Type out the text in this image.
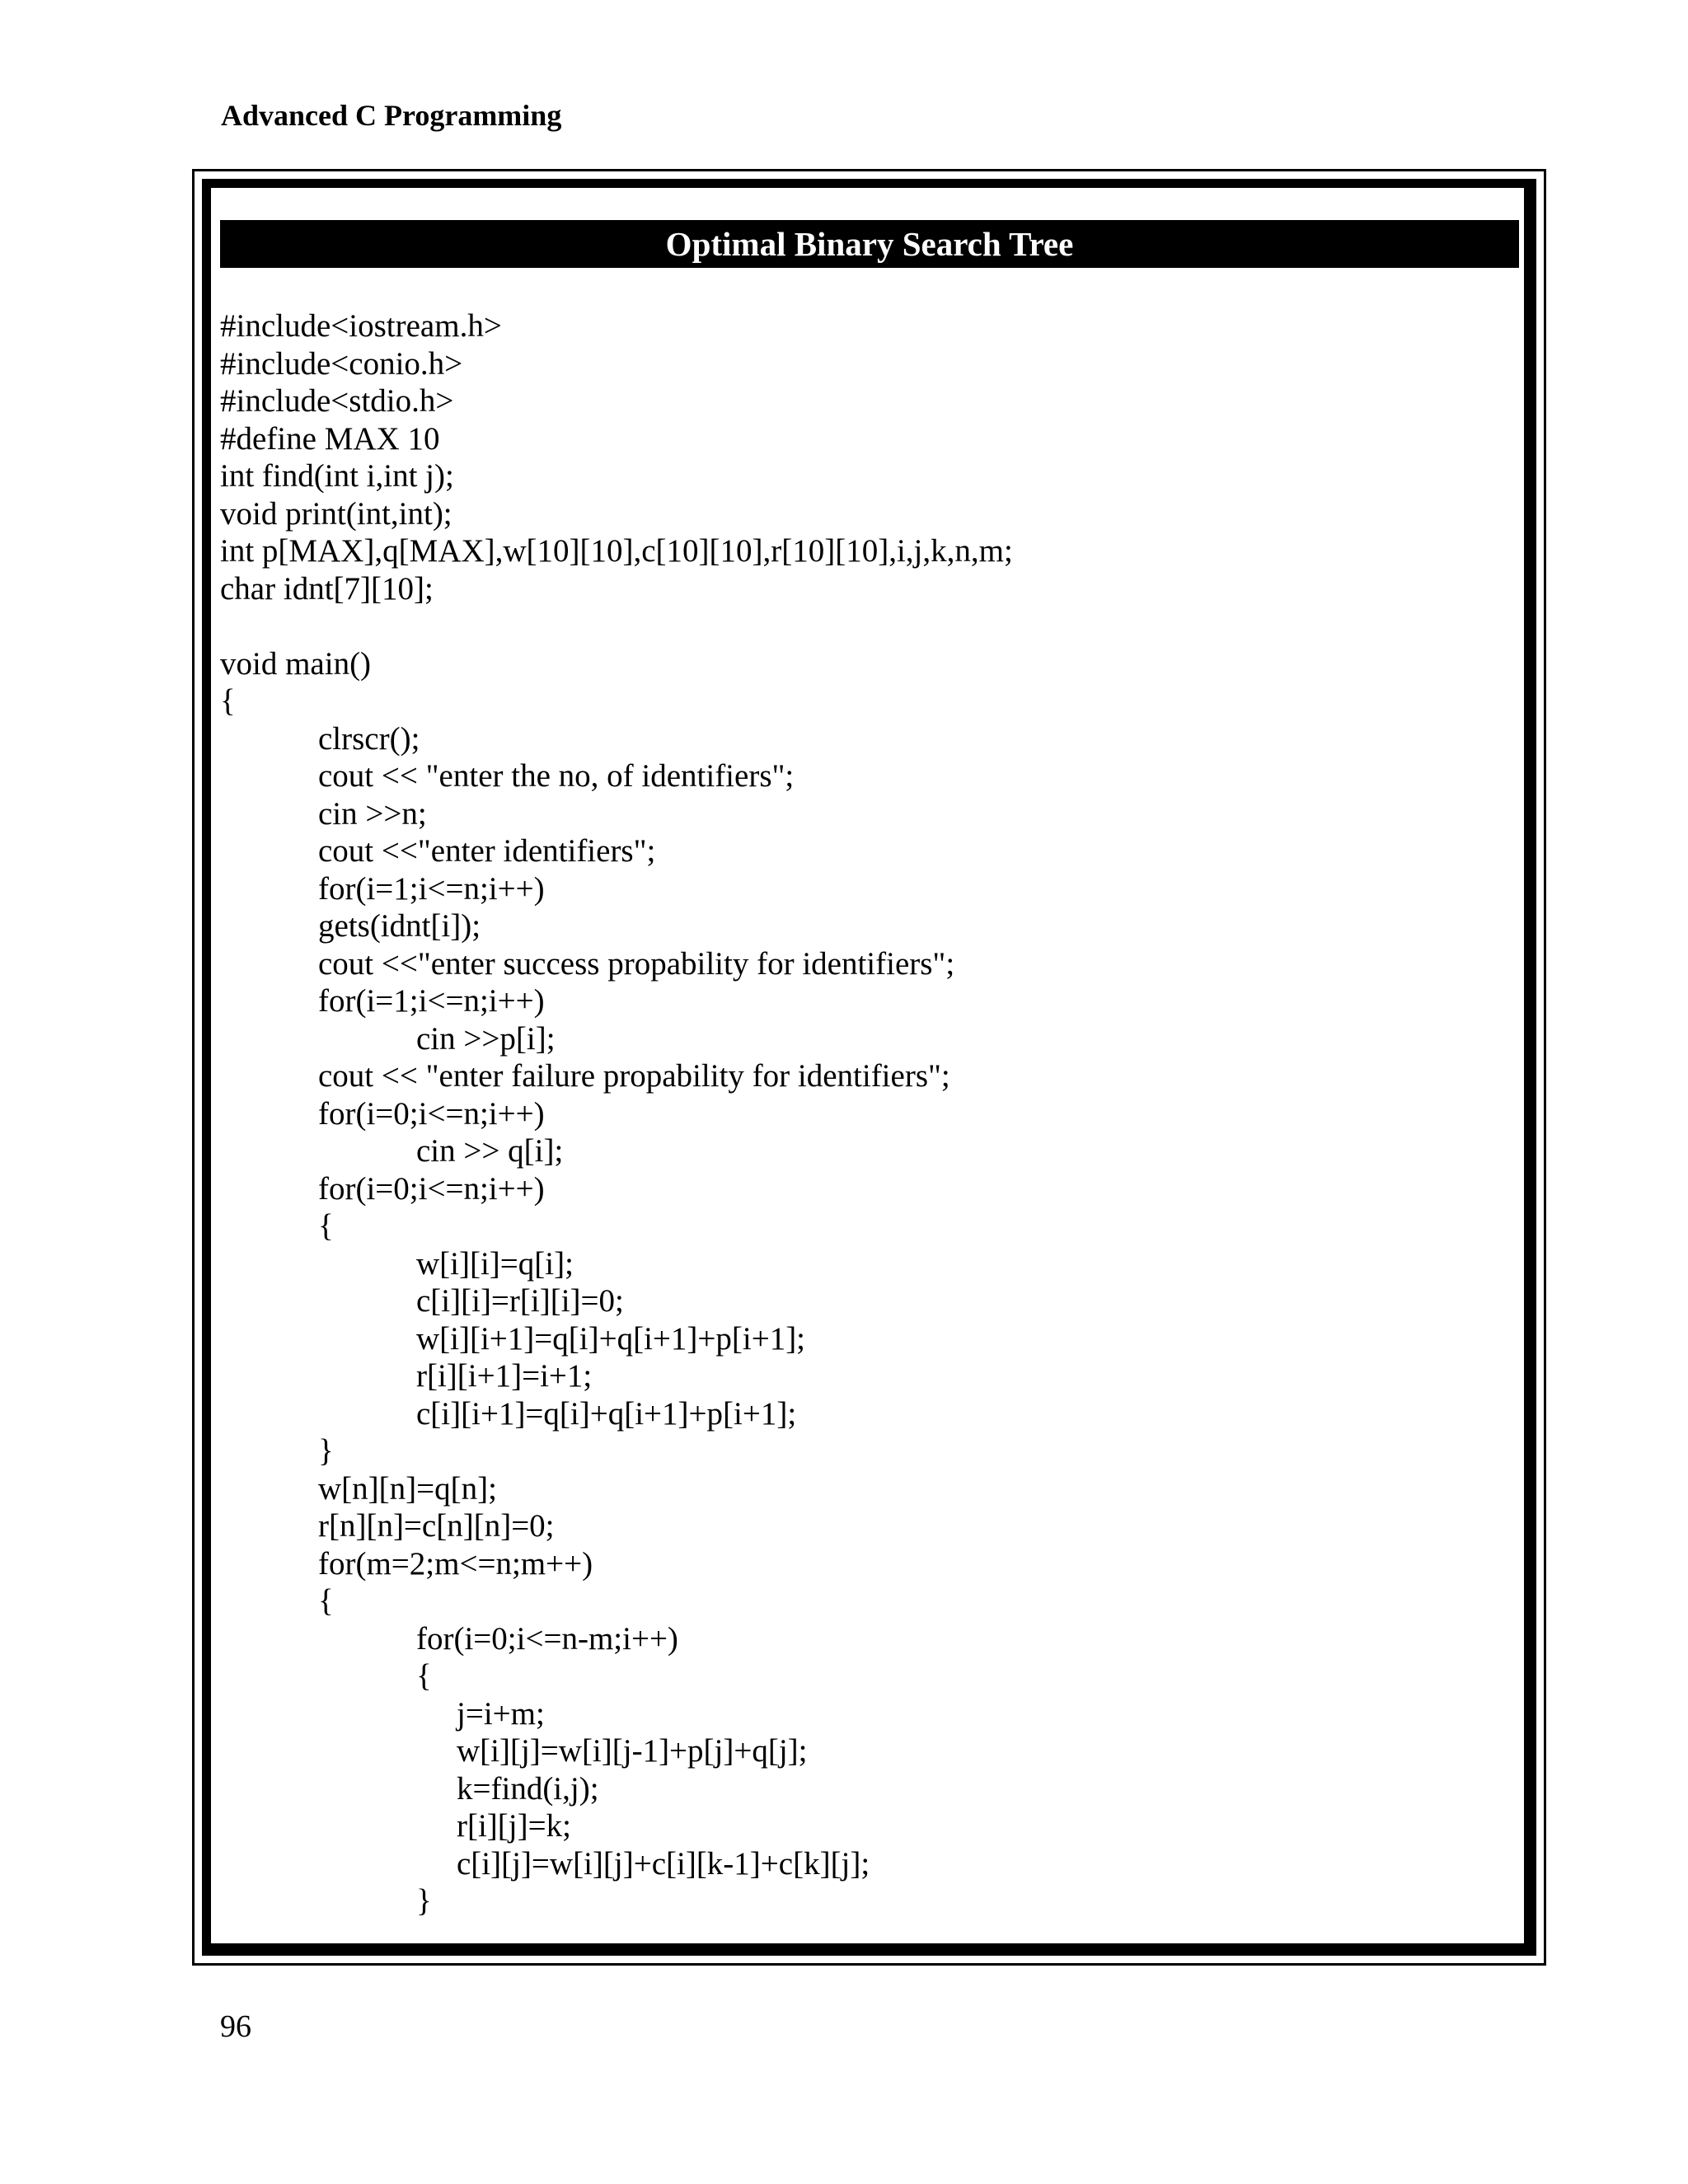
Advanced C Programming
Optimal Binary Search Tree
#include<iostream.h>
#include<conio.h>
#include<stdio.h>
#define MAX 10
int find(int i,int j);
void print(int,int);
int p[MAX],q[MAX],w[10][10],c[10][10],r[10][10],i,j,k,n,m;
char idnt[7][10];
void main()
{
clrscr();
cout << "enter the no, of identifiers";
cin >>n;
cout <<"enter identifiers";
for(i=1;i<=n;i++)
gets(idnt[i]);
cout <<"enter success propability for identifiers";
for(i=1;i<=n;i++)
cin >>p[i];
cout << "enter failure propability for identifiers";
for(i=0;i<=n;i++)
cin >> q[i];
for(i=0;i<=n;i++)
{
w[i][i]=q[i];
c[i][i]=r[i][i]=0;
w[i][i+1]=q[i]+q[i+1]+p[i+1];
r[i][i+1]=i+1;
c[i][i+1]=q[i]+q[i+1]+p[i+1];
}
w[n][n]=q[n];
r[n][n]=c[n][n]=0;
for(m=2;m<=n;m++)
{
for(i=0;i<=n-m;i++)
{
j=i+m;
w[i][j]=w[i][j-1]+p[j]+q[j];
k=find(i,j);
r[i][j]=k;
c[i][j]=w[i][j]+c[i][k-1]+c[k][j];
}
96
